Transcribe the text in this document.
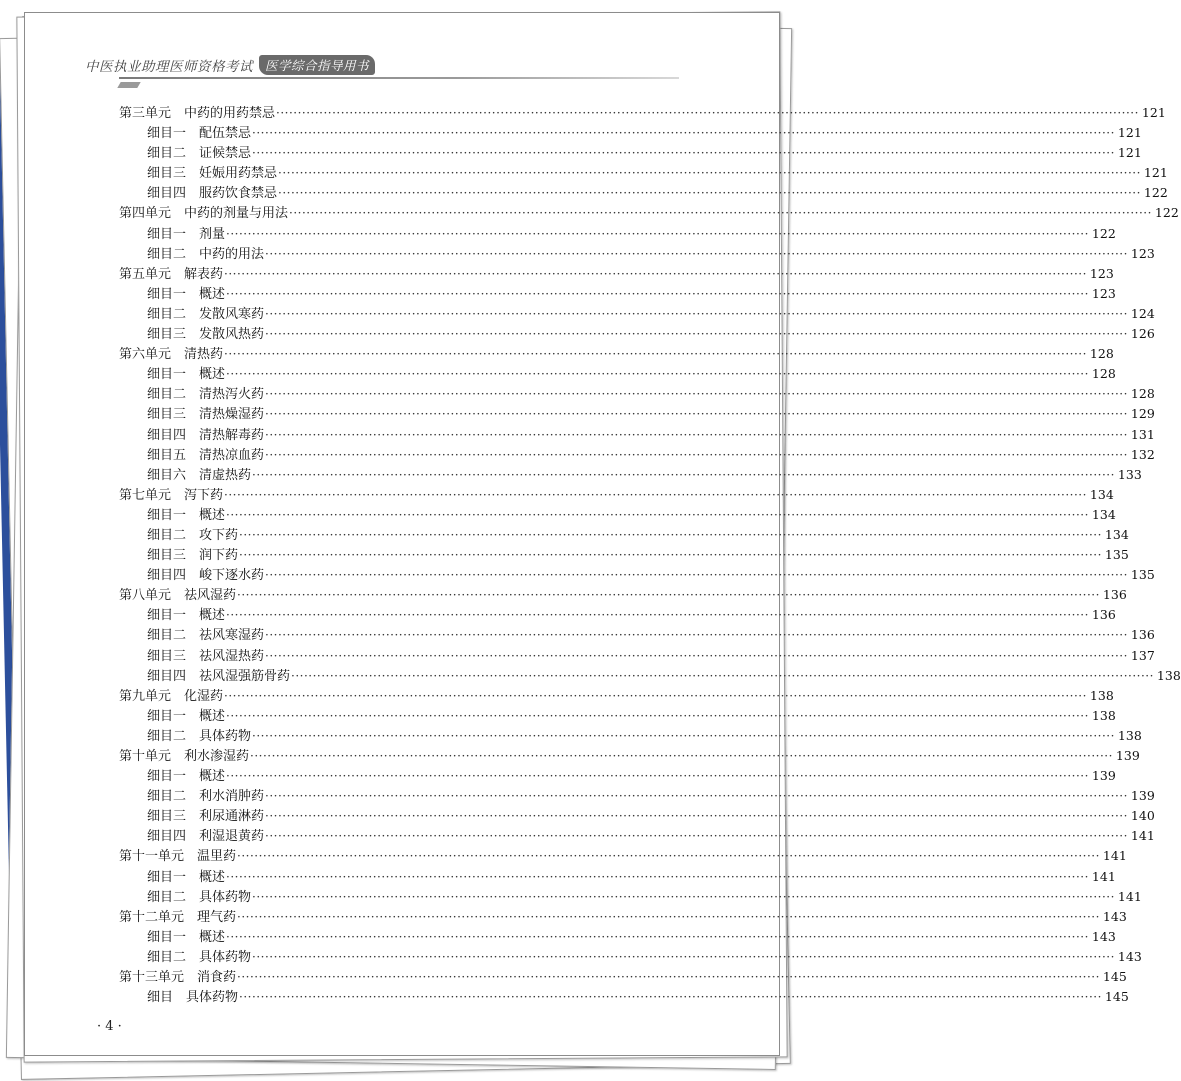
中医执业助理医师资格考试 医学综合指导用书
第三单元 中药的用药禁忌 ········································································································································································································ 121
细目一 配伍禁忌 ········································································································································································································ 121
细目二 证候禁忌 ········································································································································································································ 121
细目三 妊娠用药禁忌 ········································································································································································································ 121
细目四 服药饮食禁忌 ········································································································································································································ 122
第四单元 中药的剂量与用法 ········································································································································································································ 122
细目一 剂量 ········································································································································································································ 122
细目二 中药的用法 ········································································································································································································ 123
第五单元 解表药 ········································································································································································································ 123
细目一 概述 ········································································································································································································ 123
细目二 发散风寒药 ········································································································································································································ 124
细目三 发散风热药 ········································································································································································································ 126
第六单元 清热药 ········································································································································································································ 128
细目一 概述 ········································································································································································································ 128
细目二 清热泻火药 ········································································································································································································ 128
细目三 清热燥湿药 ········································································································································································································ 129
细目四 清热解毒药 ········································································································································································································ 131
细目五 清热凉血药 ········································································································································································································ 132
细目六 清虚热药 ········································································································································································································ 133
第七单元 泻下药 ········································································································································································································ 134
细目一 概述 ········································································································································································································ 134
细目二 攻下药 ········································································································································································································ 134
细目三 润下药 ········································································································································································································ 135
细目四 峻下逐水药 ········································································································································································································ 135
第八单元 祛风湿药 ········································································································································································································ 136
细目一 概述 ········································································································································································································ 136
细目二 祛风寒湿药 ········································································································································································································ 136
细目三 祛风湿热药 ········································································································································································································ 137
细目四 祛风湿强筋骨药 ········································································································································································································ 138
第九单元 化湿药 ········································································································································································································ 138
细目一 概述 ········································································································································································································ 138
细目二 具体药物 ········································································································································································································ 138
第十单元 利水渗湿药 ········································································································································································································ 139
细目一 概述 ········································································································································································································ 139
细目二 利水消肿药 ········································································································································································································ 139
细目三 利尿通淋药 ········································································································································································································ 140
细目四 利湿退黄药 ········································································································································································································ 141
第十一单元 温里药 ········································································································································································································ 141
细目一 概述 ········································································································································································································ 141
细目二 具体药物 ········································································································································································································ 141
第十二单元 理气药 ········································································································································································································ 143
细目一 概述 ········································································································································································································ 143
细目二 具体药物 ········································································································································································································ 143
第十三单元 消食药 ········································································································································································································ 145
细目 具体药物 ········································································································································································································ 145
· 4 ·
